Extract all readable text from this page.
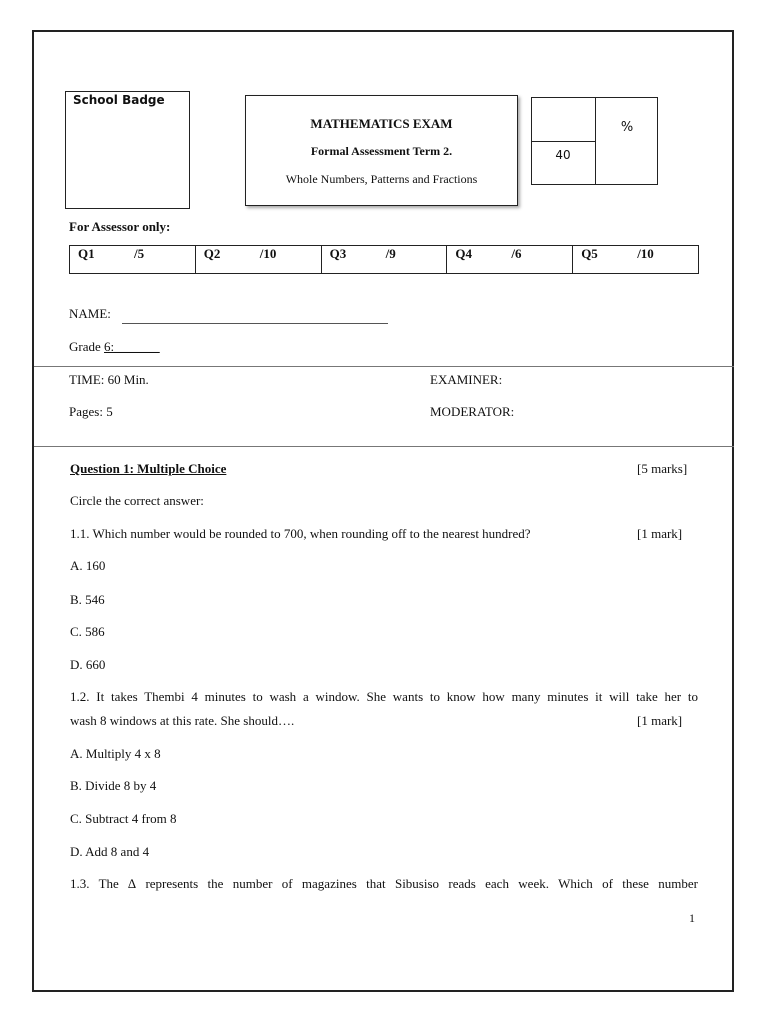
School Badge
MATHEMATICS EXAM
Formal Assessment Term 2.
Whole Numbers, Patterns and Fractions
40
%
For Assessor only:
Q1	/5	Q2	/10	Q3	/9	Q4	/6	Q5	/10
NAME:
Grade 6:_______
TIME: 60 Min.	EXAMINER:
Pages: 5	MODERATOR:
Question 1: Multiple Choice	[5 marks]
Circle the correct answer:
1.1. Which number would be rounded to 700, when rounding off to the nearest hundred?	[1 mark]
A. 160
B. 546
C. 586
D. 660
1.2. It takes Thembi 4 minutes to wash a window. She wants to know how many minutes it will take her to
wash 8 windows at this rate. She should….	[1 mark]
A. Multiply 4 x 8
B. Divide 8 by 4
C. Subtract 4 from 8
D. Add 8 and 4
1.3. The ∆ represents the number of magazines that Sibusiso reads each week. Which of these number
1
